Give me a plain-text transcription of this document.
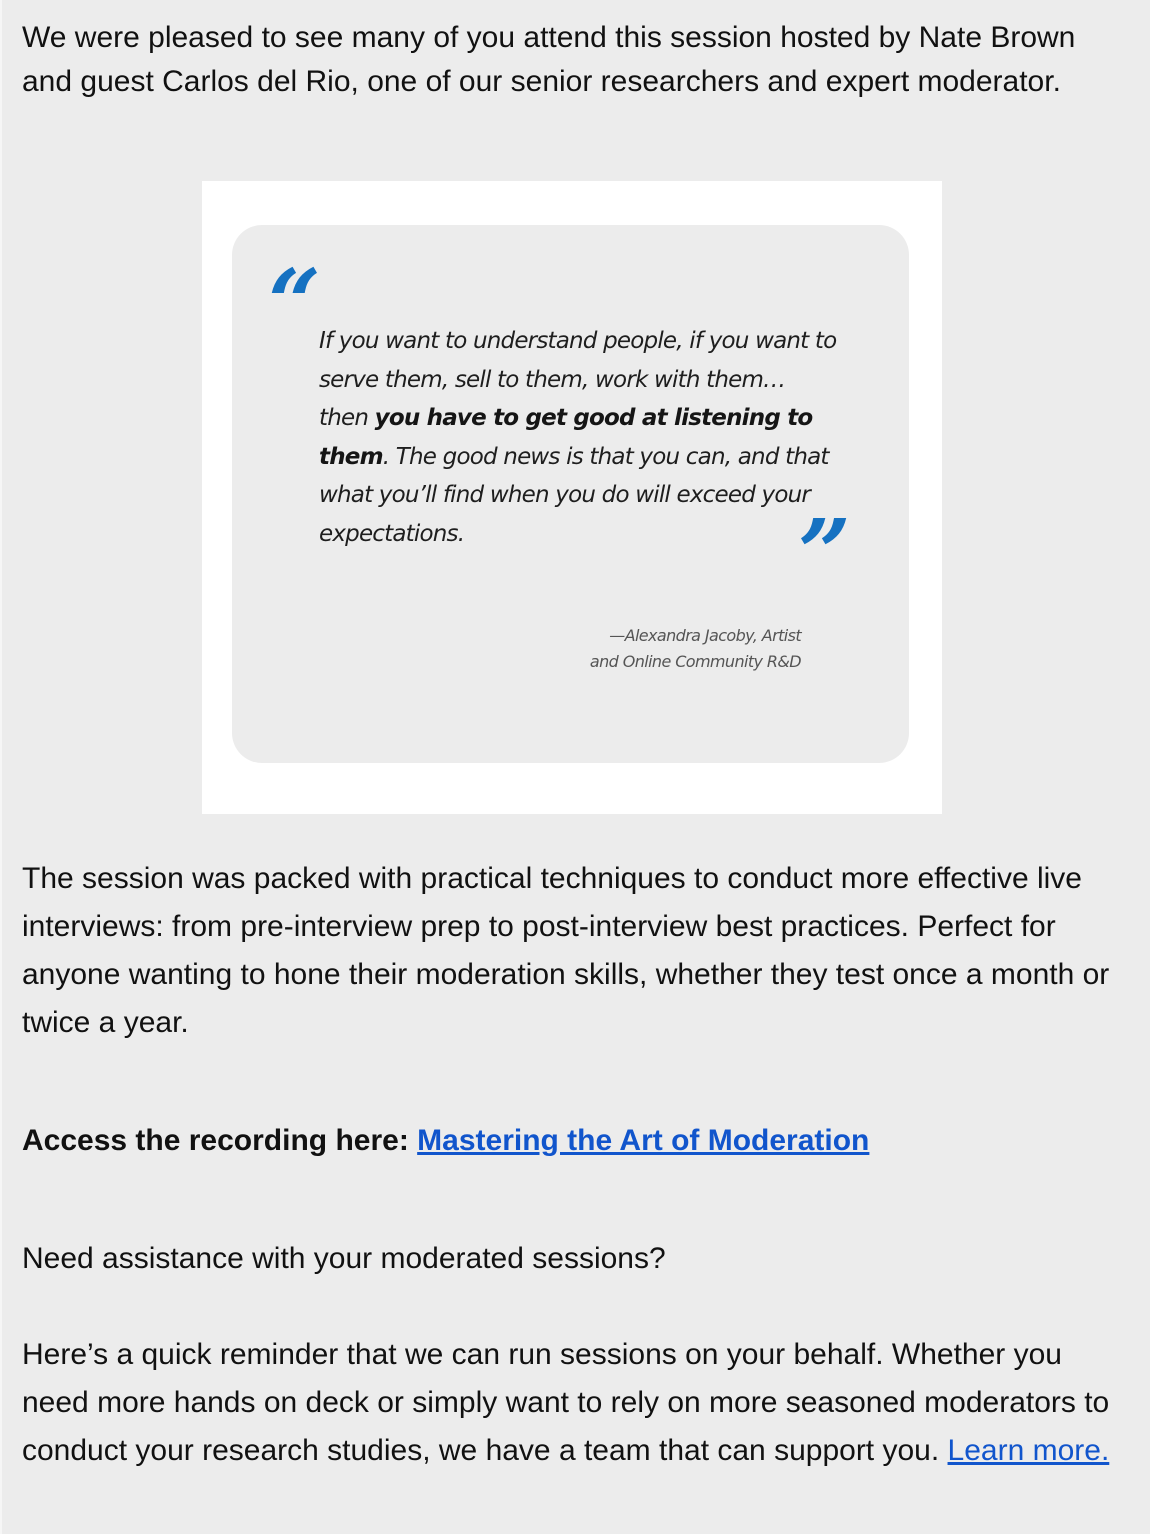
We were pleased to see many of you attend this session hosted by Nate Brown and guest Carlos del Rio, one of our senior researchers and expert moderator.

“ If you want to understand people, if you want to serve them, sell to them, work with them… then you have to get good at listening to them. The good news is that you can, and that what you’ll find when you do will exceed your expectations.	”
—Alexandra Jacoby, Artist
and Online Community R&D

The session was packed with practical techniques to conduct more effective live interviews: from pre-interview prep to post-interview best practices. Perfect for anyone wanting to hone their moderation skills, whether they test once a month or twice a year.

Access the recording here: Mastering the Art of Moderation

Need assistance with your moderated sessions?

Here’s a quick reminder that we can run sessions on your behalf. Whether you need more hands on deck or simply want to rely on more seasoned moderators to conduct your research studies, we have a team that can support you. Learn more.
